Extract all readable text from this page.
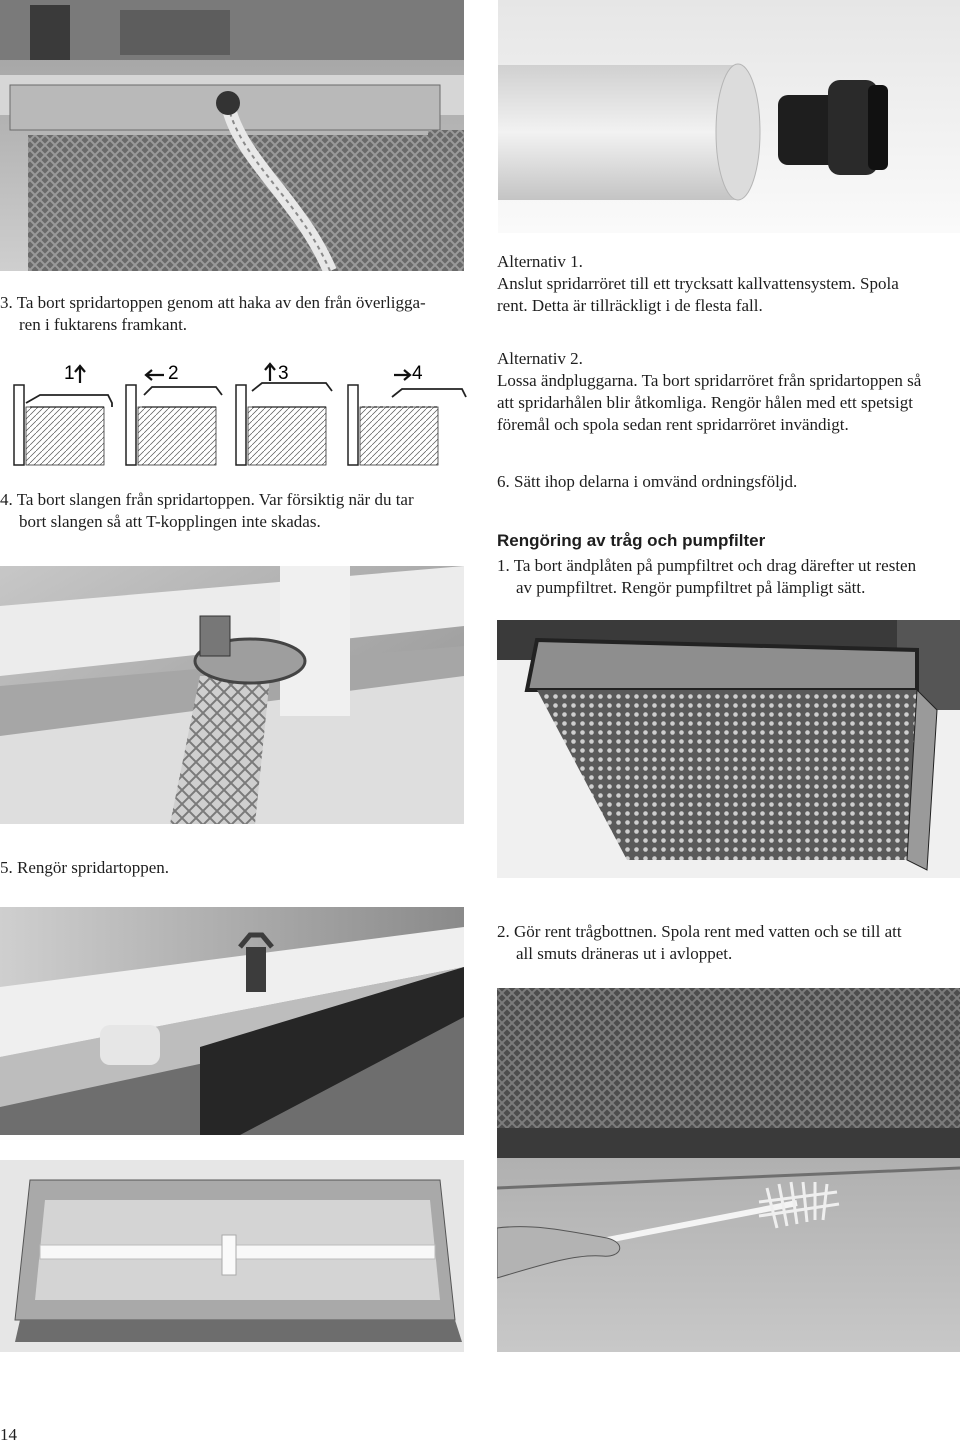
3. Ta bort spridartoppen genom att haka av den från överligga-
ren i fuktarens framkant.

1	2	3	4

4. Ta bort slangen från spridartoppen. Var försiktig när du tar
bort slangen så att T-kopplingen inte skadas.

5. Rengör spridartoppen.

14

Alternativ 1.
Anslut spridarröret till ett trycksatt kallvattensystem. Spola
rent. Detta är tillräckligt i de flesta fall.

Alternativ 2.
Lossa ändpluggarna. Ta bort spridarröret från spridartoppen så
att spridarhålen blir åtkomliga. Rengör hålen med ett spetsigt
föremål och spola sedan rent spridarröret invändigt.

6. Sätt ihop delarna i omvänd ordningsföljd.

Rengöring av tråg och pumpfilter

1. Ta bort ändplåten på pumpfiltret och drag därefter ut resten
av pumpfiltret. Rengör pumpfiltret på lämpligt sätt.

2. Gör rent trågbottnen. Spola rent med vatten och se till att
all smuts dräneras ut i avloppet.
